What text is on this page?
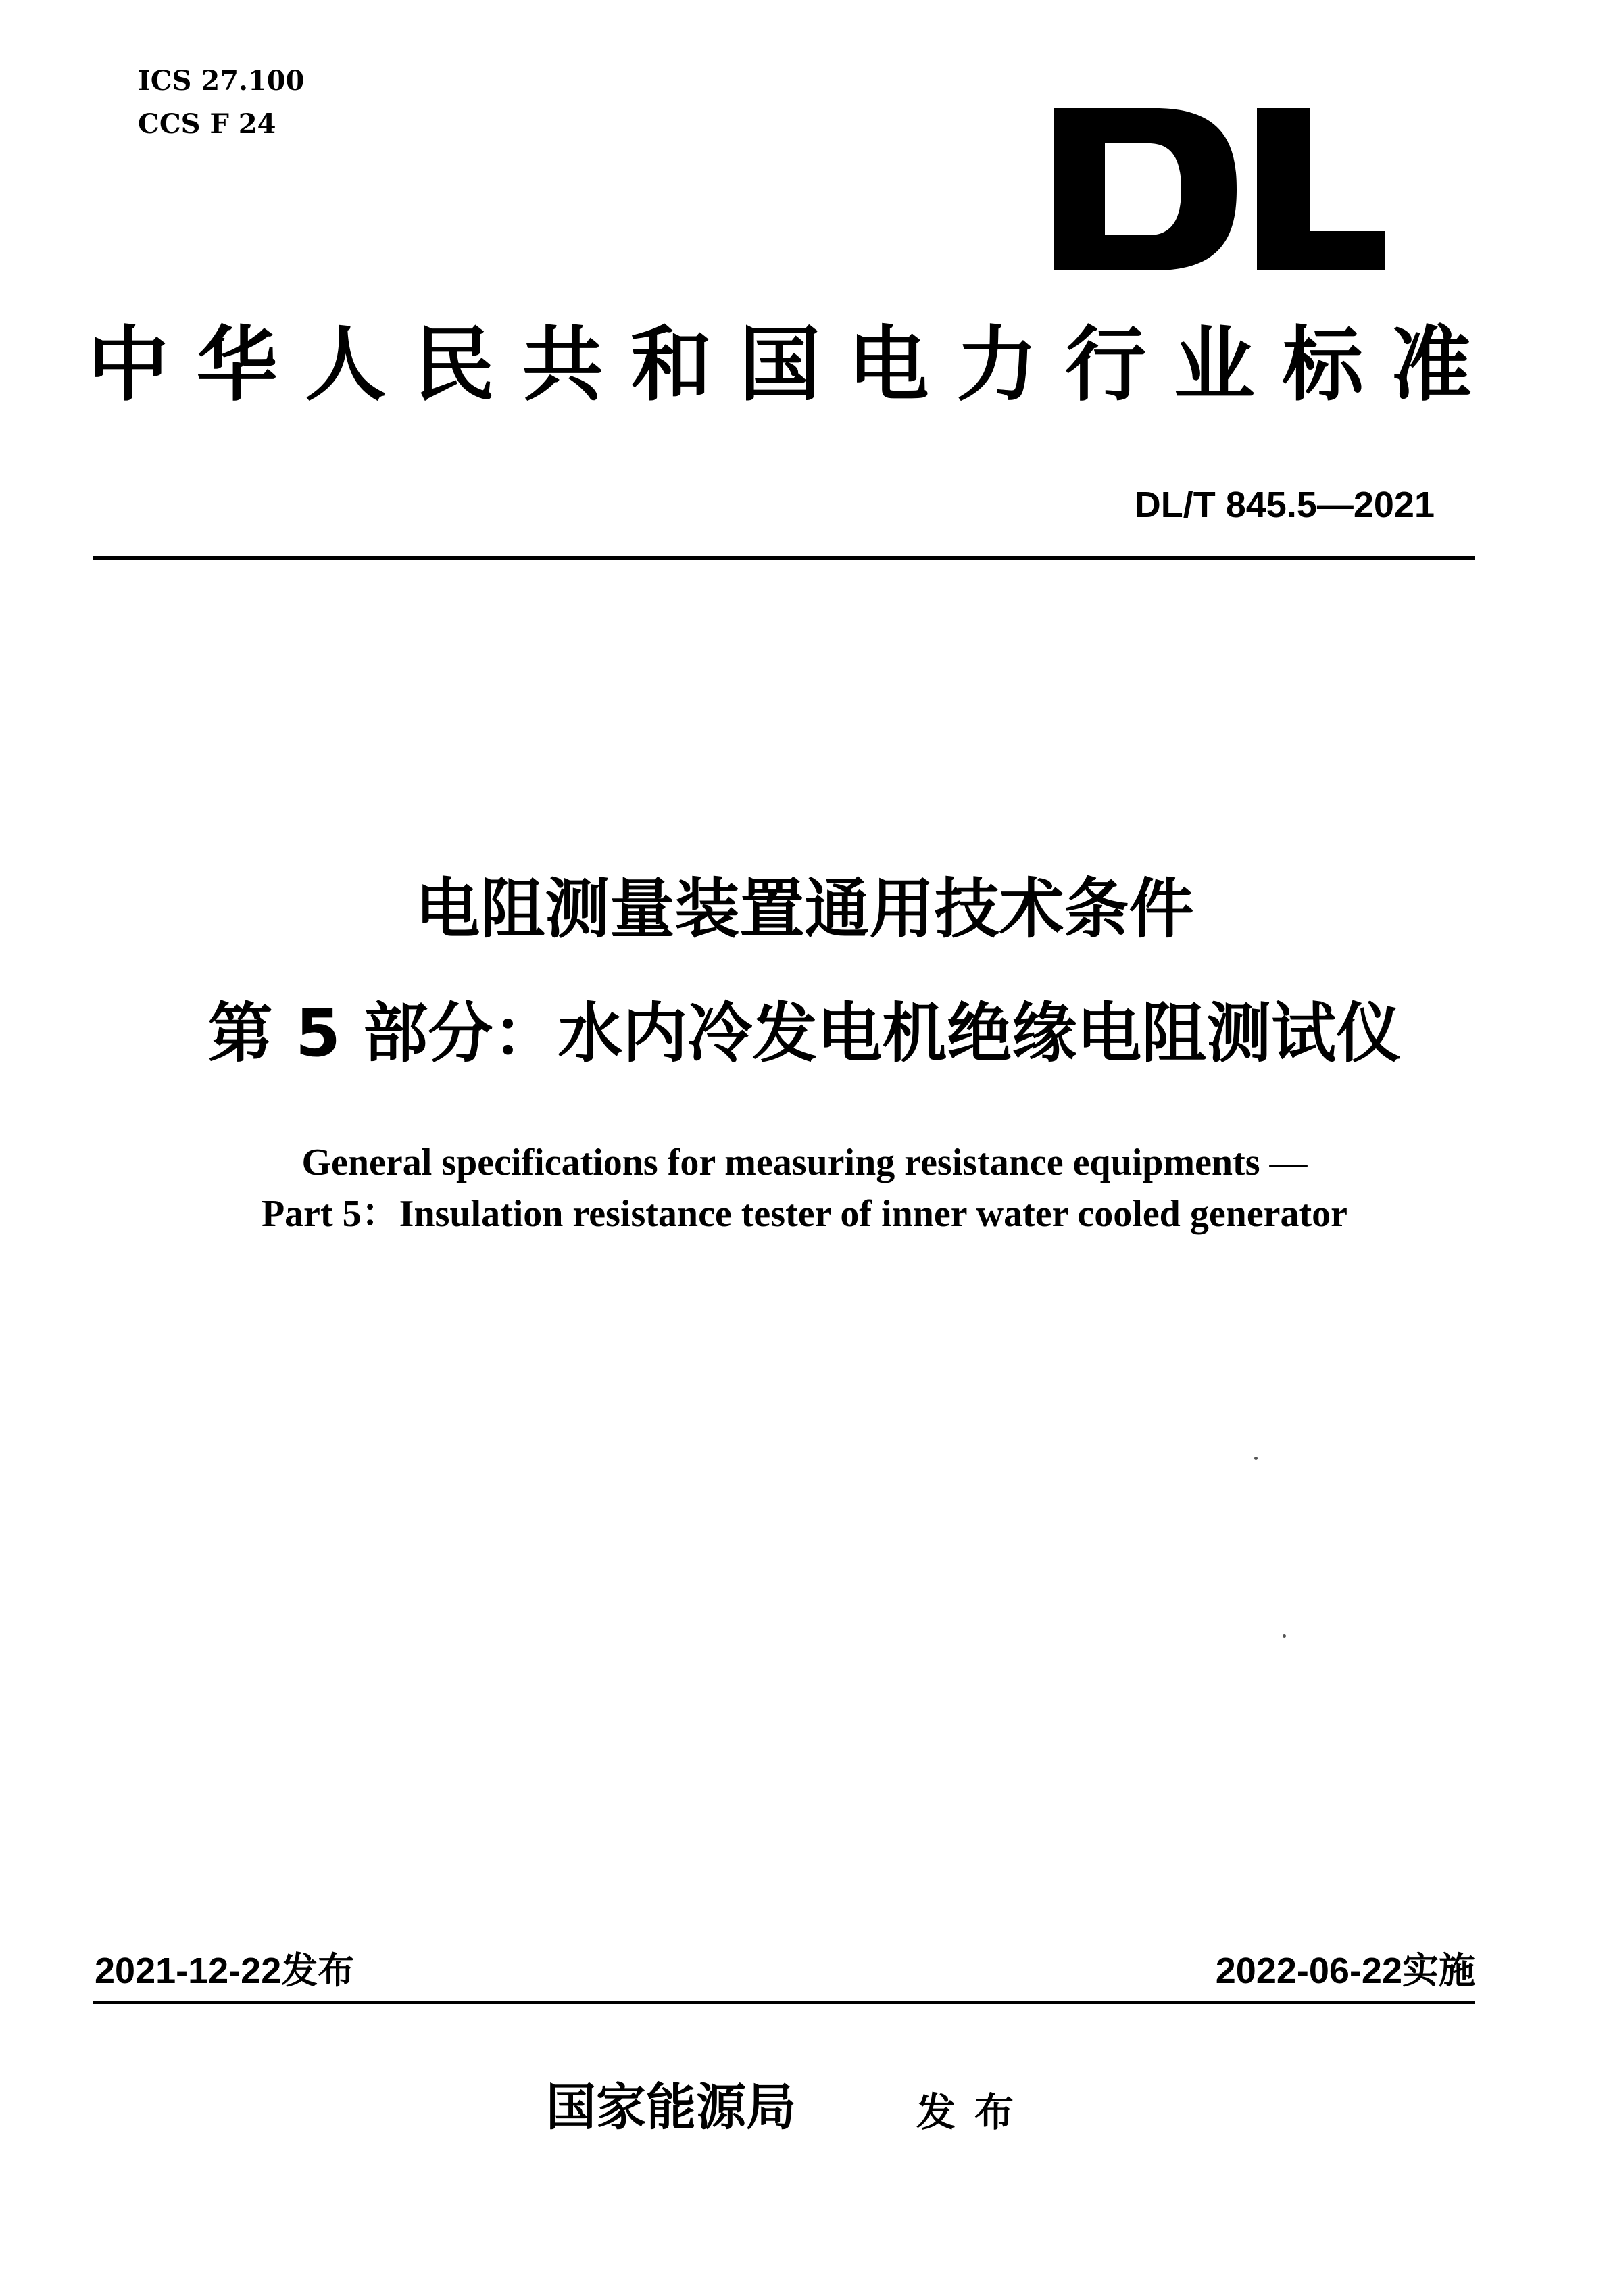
ICS 27.100
CCS F 24
中华人民共和国电力行业标准
DL/T 845.5—2021
电阻测量装置通用技术条件
第 5 部分：水内冷发电机绝缘电阻测试仪
General specifications for measuring resistance equipments —
Part 5：Insulation resistance tester of inner water cooled generator
2021-12-22发布	2022-06-22实施
国家能源局	发布
